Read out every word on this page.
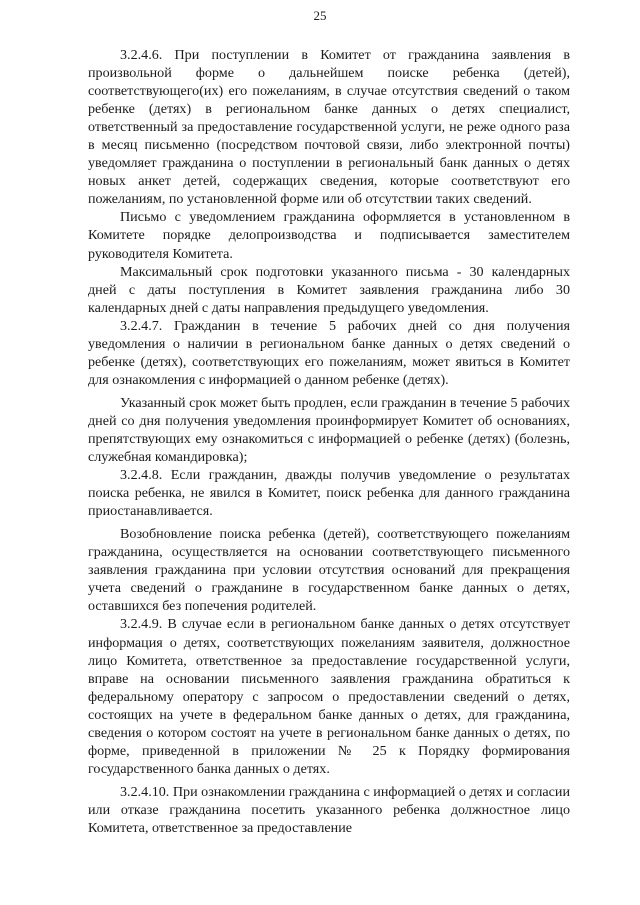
25

3.2.4.6. При поступлении в Комитет от гражданина заявления в произвольной форме о дальнейшем поиске ребенка (детей), соответствующего(их) его пожеланиям, в случае отсутствия сведений о таком ребенке (детях) в региональном банке данных о детях специалист, ответственный за предоставление государственной услуги, не реже одного раза в месяц письменно (посредством почтовой связи, либо электронной почты) уведомляет гражданина о поступлении в региональный банк данных о детях новых анкет детей, содержащих сведения, которые соответствуют его пожеланиям, по установленной форме или об отсутствии таких сведений.

Письмо с уведомлением гражданина оформляется в установленном в Комитете порядке делопроизводства и подписывается заместителем руководителя Комитета.

Максимальный срок подготовки указанного письма - 30 календарных дней с даты поступления в Комитет заявления гражданина либо 30 календарных дней с даты направления предыдущего уведомления.

3.2.4.7. Гражданин в течение 5 рабочих дней со дня получения уведомления о наличии в региональном банке данных о детях сведений о ребенке (детях), соответствующих его пожеланиям, может явиться в Комитет для ознакомления с информацией о данном ребенке (детях).

Указанный срок может быть продлен, если гражданин в течение 5 рабочих дней со дня получения уведомления проинформирует Комитет об основаниях, препятствующих ему ознакомиться с информацией о ребенке (детях) (болезнь, служебная командировка);

3.2.4.8. Если гражданин, дважды получив уведомление о результатах поиска ребенка, не явился в Комитет, поиск ребенка для данного гражданина приостанавливается.

Возобновление поиска ребенка (детей), соответствующего пожеланиям гражданина, осуществляется на основании соответствующего письменного заявления гражданина при условии отсутствия оснований для прекращения учета сведений о гражданине в государственном банке данных о детях, оставшихся без попечения родителей.

3.2.4.9. В случае если в региональном банке данных о детях отсутствует информация о детях, соответствующих пожеланиям заявителя, должностное лицо Комитета, ответственное за предоставление государственной услуги, вправе на основании письменного заявления гражданина обратиться к федеральному оператору с запросом о предоставлении сведений о детях, состоящих на учете в федеральном банке данных о детях, для гражданина, сведения о котором состоят на учете в региональном банке данных о детях, по форме, приведенной в приложении № 25 к Порядку формирования государственного банка данных о детях.

3.2.4.10. При ознакомлении гражданина с информацией о детях и согласии или отказе гражданина посетить указанного ребенка должностное лицо Комитета, ответственное за предоставление
